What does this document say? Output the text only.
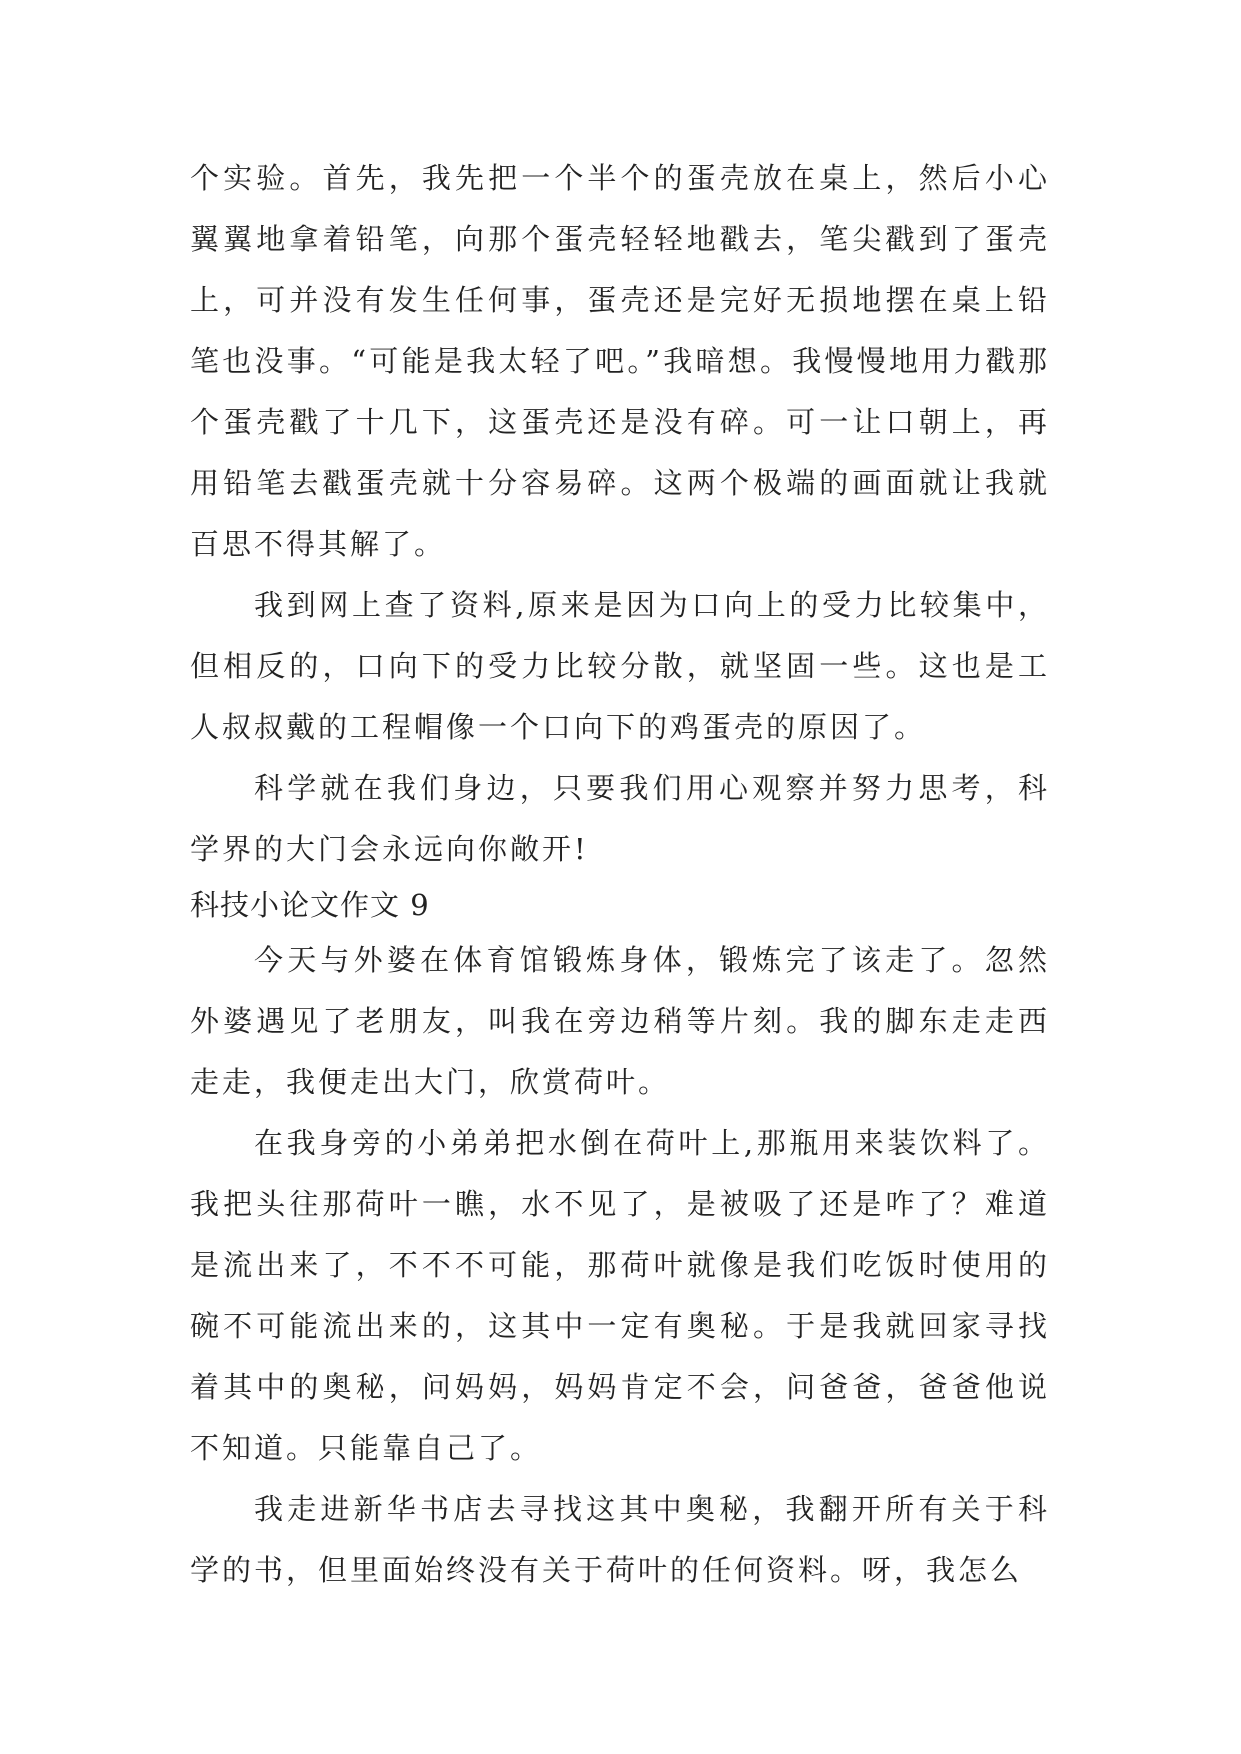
个实验。首先，我先把一个半个的蛋壳放在桌上，然后小心翼翼地拿着铅笔，向那个蛋壳轻轻地戳去，笔尖戳到了蛋壳上，可并没有发生任何事，蛋壳还是完好无损地摆在桌上铅笔也没事。“可能是我太轻了吧。”我暗想。我慢慢地用力戳那个蛋壳戳了十几下，这蛋壳还是没有碎。可一让口朝上，再用铅笔去戳蛋壳就十分容易碎。这两个极端的画面就让我就百思不得其解了。

我到网上查了资料,原来是因为口向上的受力比较集中，但相反的，口向下的受力比较分散，就坚固一些。这也是工人叔叔戴的工程帽像一个口向下的鸡蛋壳的原因了。

科学就在我们身边，只要我们用心观察并努力思考，科学界的大门会永远向你敞开!

科技小论文作文 9

今天与外婆在体育馆锻炼身体，锻炼完了该走了。忽然外婆遇见了老朋友，叫我在旁边稍等片刻。我的脚东走走西走走，我便走出大门，欣赏荷叶。

在我身旁的小弟弟把水倒在荷叶上,那瓶用来装饮料了。我把头往那荷叶一瞧，水不见了，是被吸了还是咋了？难道是流出来了，不不不可能，那荷叶就像是我们吃饭时使用的碗不可能流出来的，这其中一定有奥秘。于是我就回家寻找着其中的奥秘，问妈妈，妈妈肯定不会，问爸爸，爸爸他说不知道。只能靠自己了。

我走进新华书店去寻找这其中奥秘，我翻开所有关于科学的书，但里面始终没有关于荷叶的任何资料。呀，我怎么
